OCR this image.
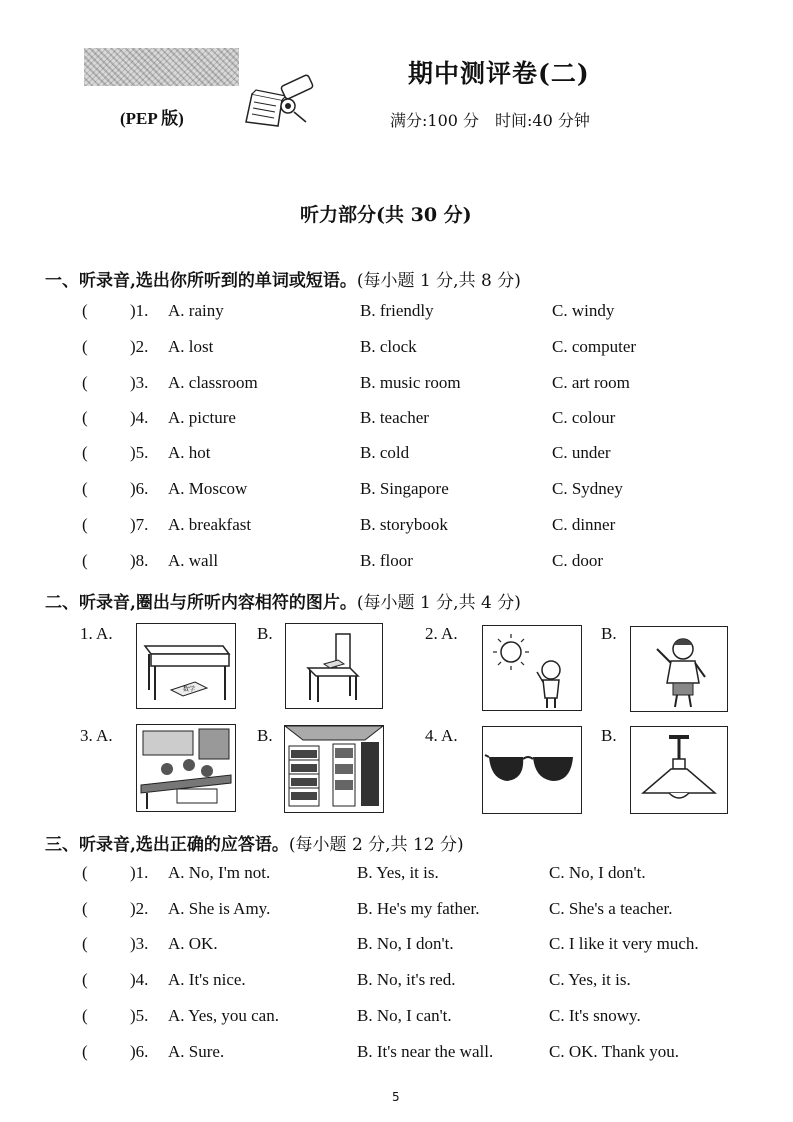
(PEP 版)
期中测评卷(二)
满分:100 分　时间:40 分钟
听力部分(共 30 分)
一、听录音,选出你所听到的单词或短语。(每小题 1 分,共 8 分)
( )1. A. rainy	B. friendly	C. windy
( )2. A. lost	B. clock	C. computer
( )3. A. classroom	B. music room	C. art room
( )4. A. picture	B. teacher	C. colour
( )5. A. hot	B. cold	C. under
( )6. A. Moscow	B. Singapore	C. Sydney
( )7. A. breakfast	B. storybook	C. dinner
( )8. A. wall	B. floor	C. door
二、听录音,圈出与所听内容相符的图片。(每小题 1 分,共 4 分)
1. A.
数学
B.	2. A.	B.
3. A.	B.	4. A.	B.
三、听录音,选出正确的应答语。(每小题 2 分,共 12 分)
( )1. A. No, I'm not.	B. Yes, it is.	C. No, I don't.
( )2. A. She is Amy.	B. He's my father.	C. She's a teacher.
( )3. A. OK.	B. No, I don't.	C. I like it very much.
( )4. A. It's nice.	B. No, it's red.	C. Yes, it is.
( )5. A. Yes, you can.	B. No, I can't.	C. It's snowy.
( )6. A. Sure.	B. It's near the wall.	C. OK. Thank you.
5
